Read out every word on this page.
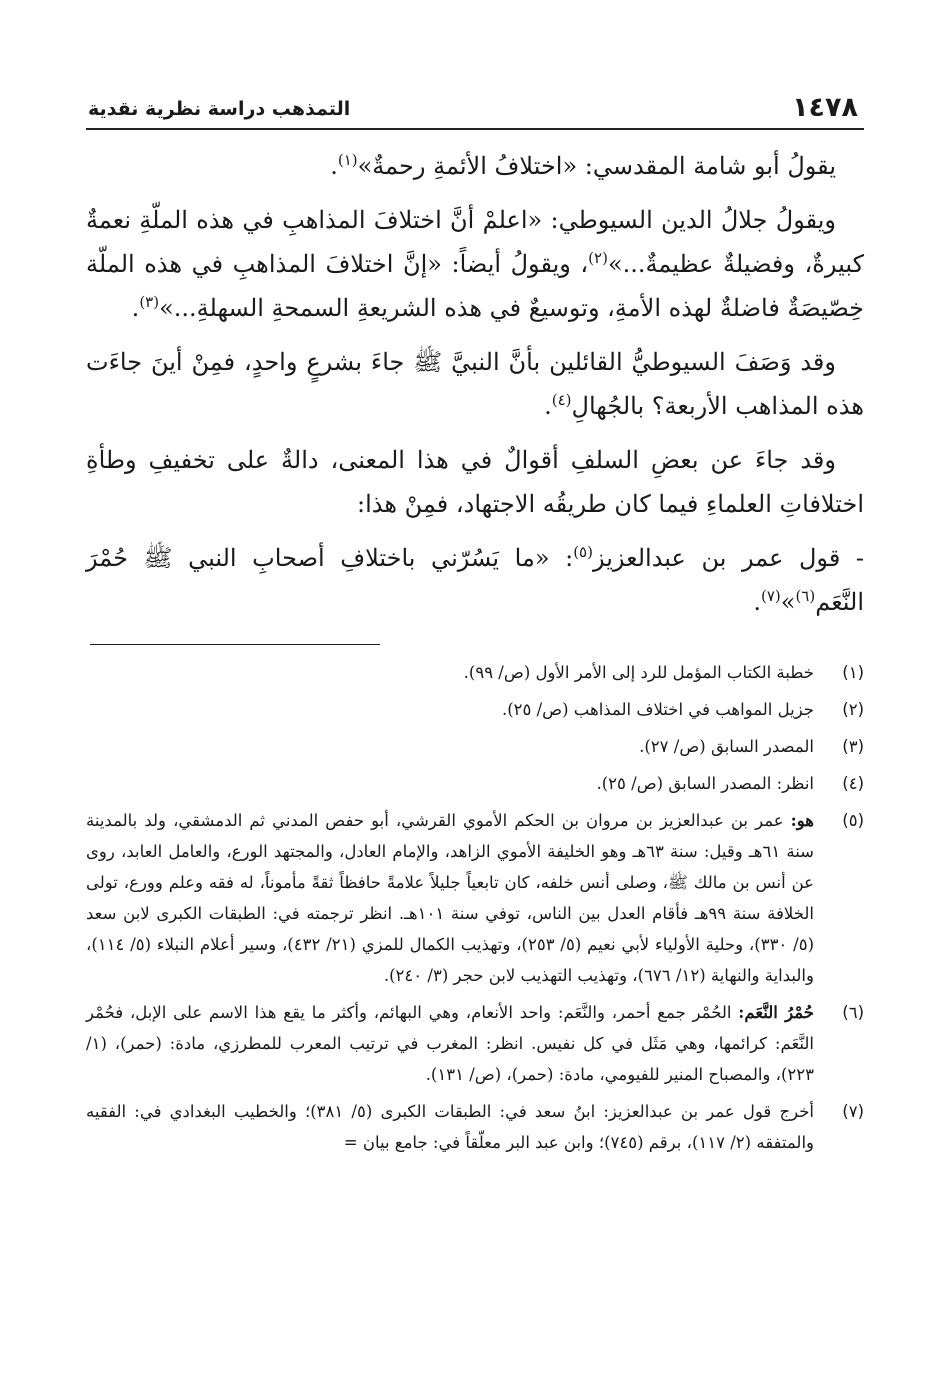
١٤٧٨
التمذهب دراسة نظرية نقدية

يقولُ أبو شامة المقدسي: «اختلافُ الأئمةِ رحمةٌ»$^{(١)}$.

ويقولُ جلالُ الدين السيوطي: «اعلمْ أنَّ اختلافَ المذاهبِ في هذه الملّةِ نعمةٌ كبيرةٌ، وفضيلةٌ عظيمةٌ...»$^{(٢)}$، ويقولُ أيضاً: «إنَّ اختلافَ المذاهبِ في هذه الملّة خِصّيصَةٌ فاضلةٌ لهذه الأمةِ، وتوسيعٌ في هذه الشريعةِ السمحةِ السهلةِ...»$^{(٣)}$.

وقد وَصَفَ السيوطيُّ القائلين بأنَّ النبيَّ ﷺ جاءَ بشرعٍ واحدٍ، فمِنْ أينَ جاءَت هذه المذاهب الأربعة؟ بالجُهالِ$^{(٤)}$.

وقد جاءَ عن بعضِ السلفِ أقوالٌ في هذا المعنى، دالةٌ على تخفيفِ وطأةِ اختلافاتِ العلماءِ فيما كان طريقُه الاجتهاد، فمِنْ هذا:

- قول عمر بن عبدالعزيز$^{(٥)}$: «ما يَسُرّني باختلافِ أصحابِ النبي ﷺ حُمْرَ النَّعَم$^{(٦)}$»$^{(٧)}$.

(١)
خطبة الكتاب المؤمل للرد إلى الأمر الأول (ص/ ٩٩).
(٢)
جزيل المواهب في اختلاف المذاهب (ص/ ٢٥).
(٣)
المصدر السابق (ص/ ٢٧).
(٤)
انظر: المصدر السابق (ص/ ٢٥).
(٥)
هو: عمر بن عبدالعزيز بن مروان بن الحكم الأموي القرشي، أبو حفص المدني ثم الدمشقي، ولد بالمدينة سنة ٦١هـ وقيل: سنة ٦٣هـ وهو الخليفة الأموي الزاهد، والإمام العادل، والمجتهد الورع، والعامل العابد، روى عن أنس بن مالك ﷺ، وصلى أنس خلفه، كان تابعياً جليلاً علامةً حافظاً ثقةً مأموناً، له فقه وعلم وورع، تولى الخلافة سنة ٩٩هـ فأقام العدل بين الناس، توفي سنة ١٠١هـ. انظر ترجمته في: الطبقات الكبرى لابن سعد (٥/ ٣٣٠)، وحلية الأولياء لأبي نعيم (٥/ ٢٥٣)، وتهذيب الكمال للمزي (٢١/ ٤٣٢)، وسير أعلام النبلاء (٥/ ١١٤)، والبداية والنهاية (١٢/ ٦٧٦)، وتهذيب التهذيب لابن حجر (٣/ ٢٤٠).
(٦)
حُمْرُ النَّعَم: الحُمْر جمع أحمر، والنَّعَم: واحد الأنعام، وهي البهائم، وأكثر ما يقع هذا الاسم على الإبل، فحُمْر النَّعَم: كرائمها، وهي مَثَل في كل نفيس. انظر: المغرب في ترتيب المعرب للمطرزي، مادة: (حمر)، (١/ ٢٢٣)، والمصباح المنير للفيومي، مادة: (حمر)، (ص/ ١٣١).
(٧)
أخرج قول عمر بن عبدالعزيز: ابنُ سعد في: الطبقات الكبرى (٥/ ٣٨١)؛ والخطيب البغدادي في: الفقيه والمتفقه (٢/ ١١٧)، برقم (٧٤٥)؛ وابن عبد البر معلّقاً في: جامع بيان =
